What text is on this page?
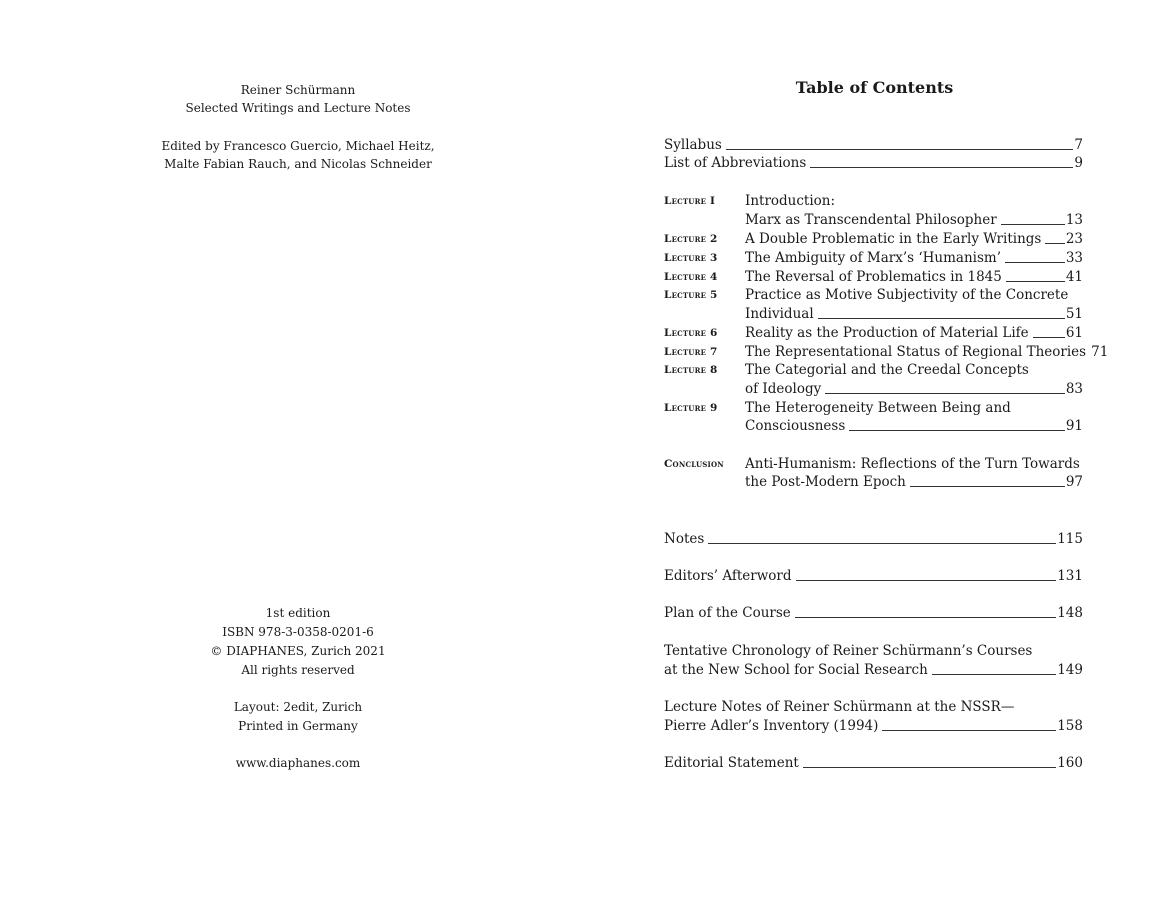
Reiner Schürmann
Selected Writings and Lecture Notes
Edited by Francesco Guercio, Michael Heitz,
Malte Fabian Rauch, and Nicolas Schneider
1st edition
ISBN 978-3-0358-0201-6
© DIAPHANES, Zurich 2021
All rights reserved
Layout: 2edit, Zurich
Printed in Germany
www.diaphanes.com
Table of Contents
Syllabus	7
List of Abbreviations	9
Lecture I Introduction:
Marx as Transcendental Philosopher	13
Lecture 2 A Double Problematic in the Early Writings 23
Lecture 3 The Ambiguity of Marx’s ‘Humanism’	33
Lecture 4 The Reversal of Problematics in 1845	41
Lecture 5 Practice as Motive Subjectivity of the Concrete
Individual	51
Lecture 6 Reality as the Production of Material Life	61
Lecture 7 The Representational Status of Regional Theories 71
Lecture 8 The Categorial and the Creedal Concepts
of Ideology	83
Lecture 9 The Heterogeneity Between Being and
Consciousness	91
Conclusion Anti-Humanism: Reflections of the Turn Towards
the Post-Modern Epoch	97
Notes	115
Editors’ Afterword	131
Plan of the Course	148
Tentative Chronology of Reiner Schürmann’s Courses
at the New School for Social Research	149
Lecture Notes of Reiner Schürmann at the NSSR—
Pierre Adler’s Inventory (1994)	158
Editorial Statement	160
